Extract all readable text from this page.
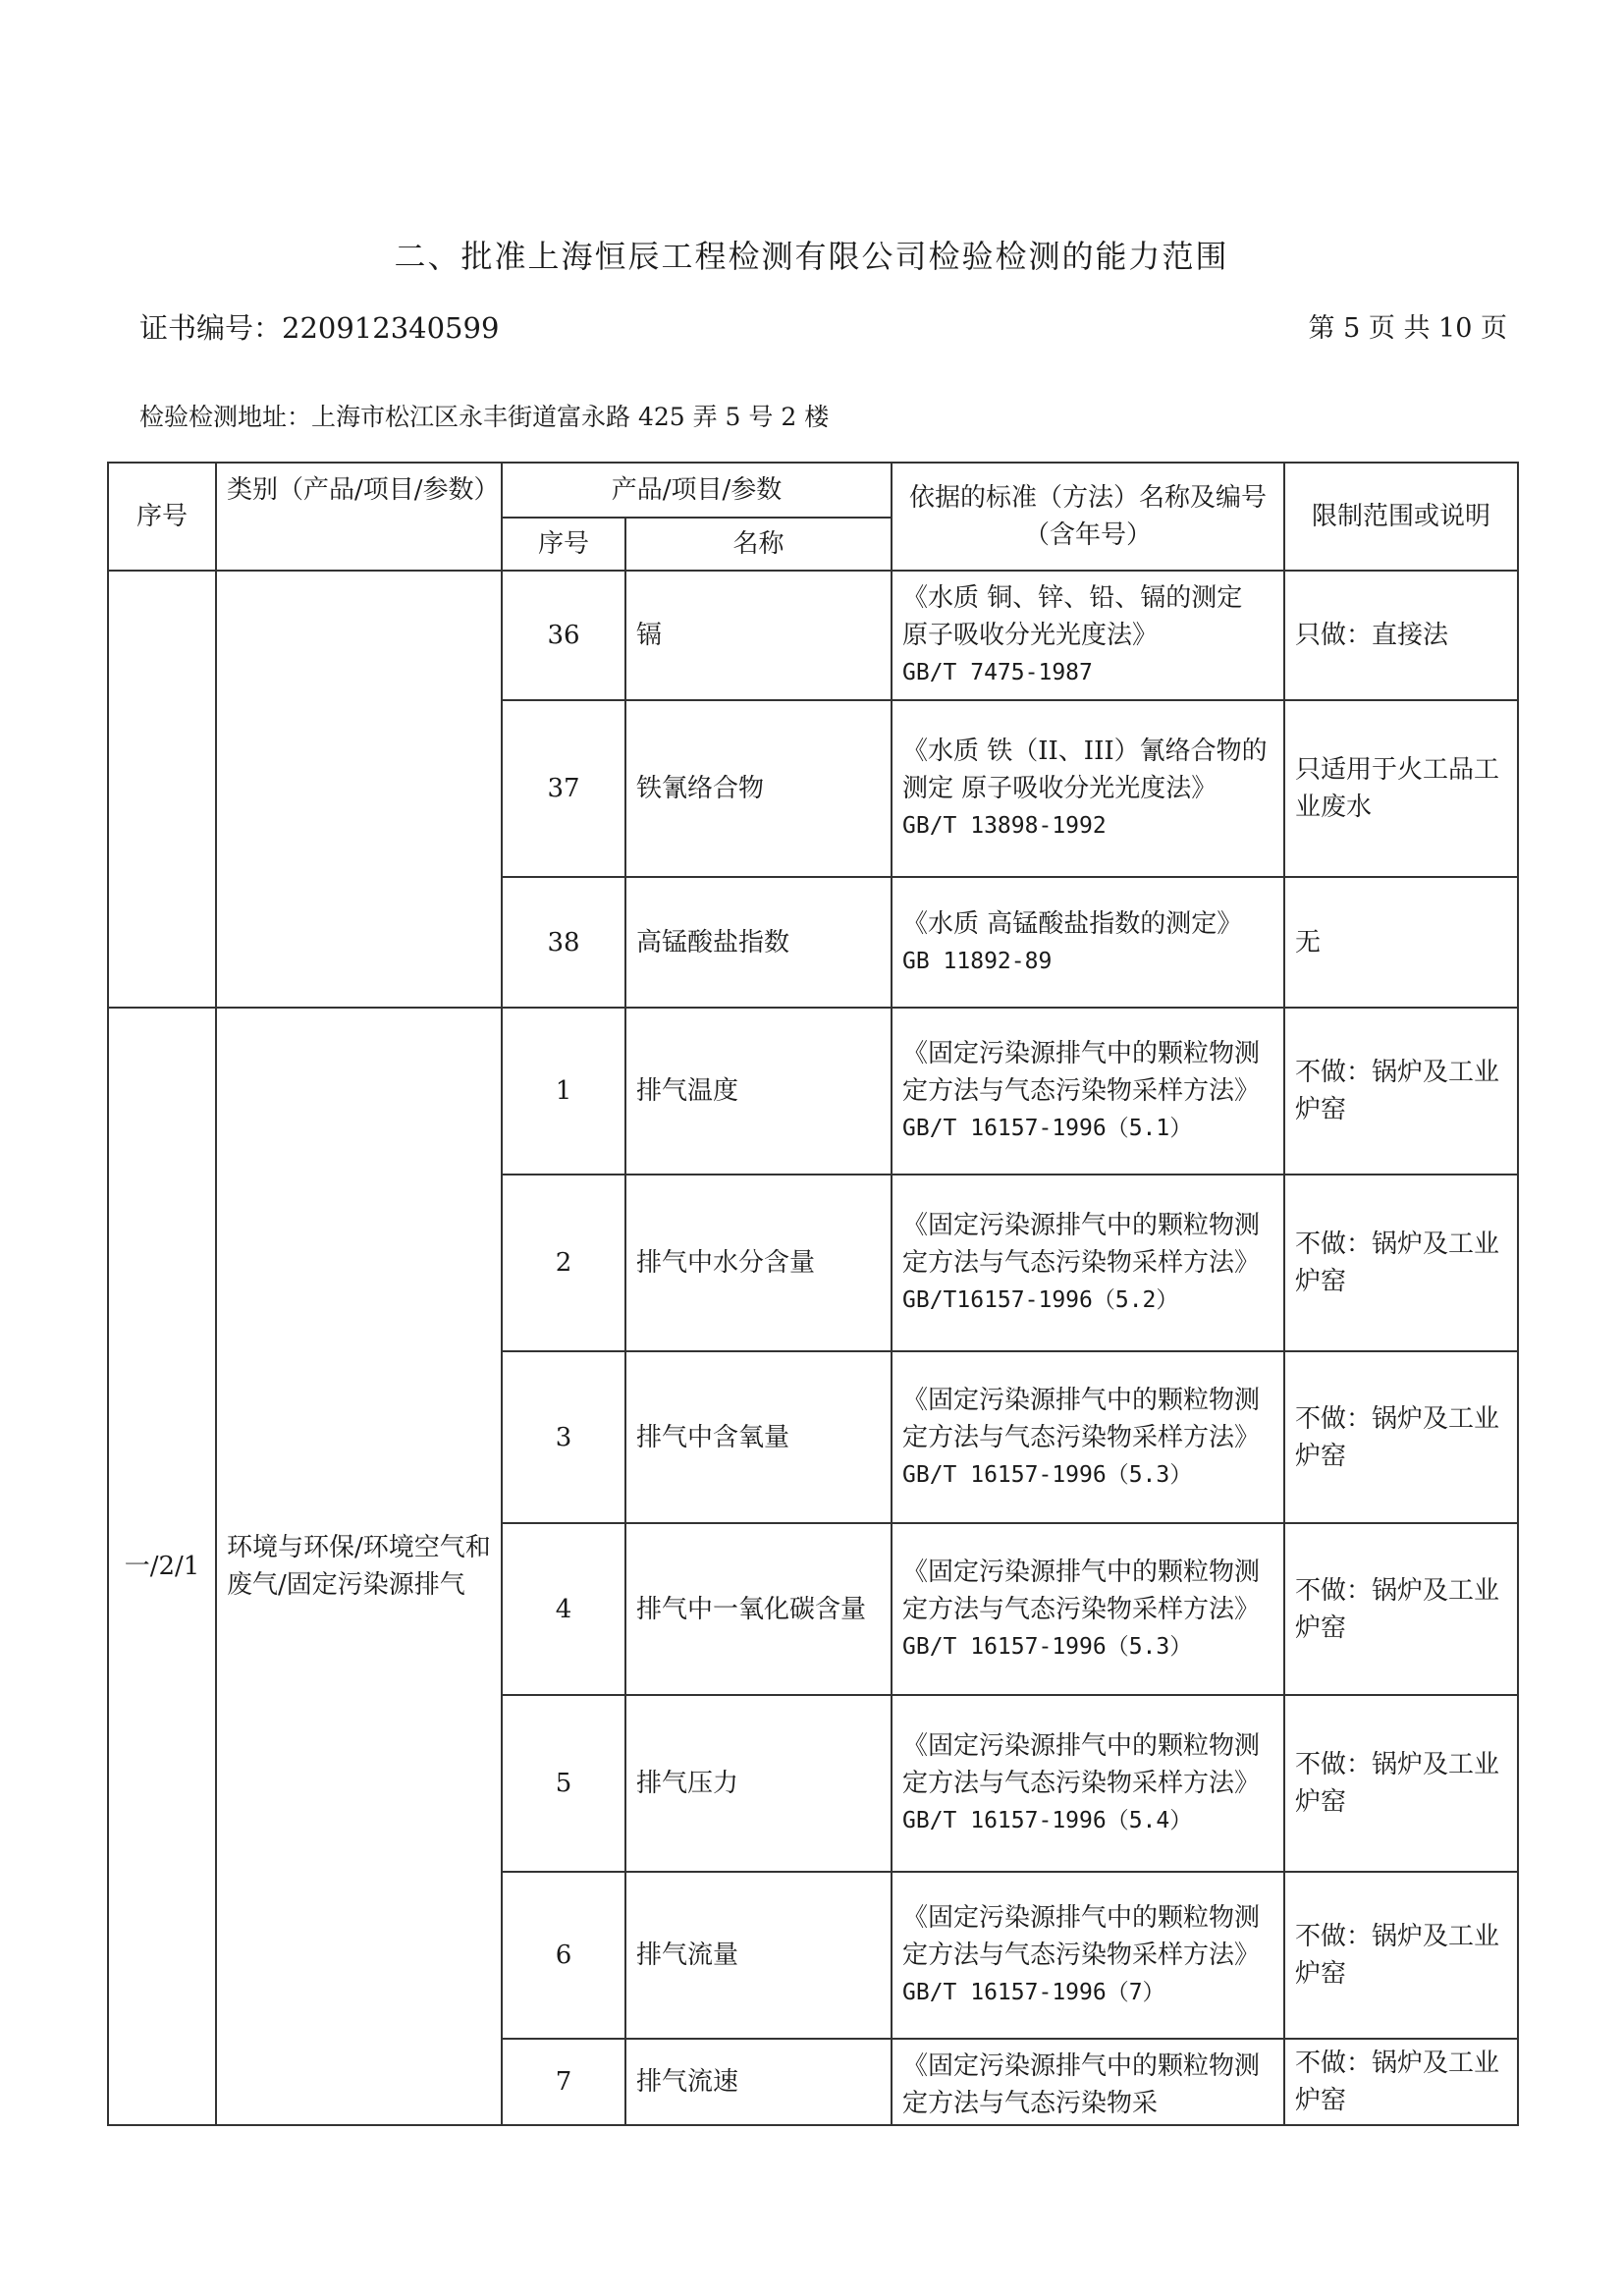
二、批准上海恒辰工程检测有限公司检验检测的能力范围
证书编号：220912340599	第 5 页 共 10 页
检验检测地址：上海市松江区永丰街道富永路 425 弄 5 号 2 楼
序号	类别（产品/项目/参数）	产品/项目/参数		依据的标准（方法）名称及编号（含年号）	限制范围或说明
		序号	名称		
		36	镉	《水质 铜、锌、铅、镉的测定 原子吸收分光光度法》
GB/T 7475-1987	只做：直接法
		37	铁氰络合物	《水质 铁（II、III）氰络合物的测定 原子吸收分光光度法》
GB/T 13898-1992	只适用于火工品工业废水
		38	高锰酸盐指数	《水质 高锰酸盐指数的测定》
GB 11892-89	无
一/2/1	环境与环保/环境空气和废气/固定污染源排气	1	排气温度	《固定污染源排气中的颗粒物测定方法与气态污染物采样方法》
GB/T 16157-1996（5.1）	不做：锅炉及工业炉窑
		2	排气中水分含量	《固定污染源排气中的颗粒物测定方法与气态污染物采样方法》
GB/T16157-1996（5.2）	不做：锅炉及工业炉窑
		3	排气中含氧量	《固定污染源排气中的颗粒物测定方法与气态污染物采样方法》
GB/T 16157-1996（5.3）	不做：锅炉及工业炉窑
		4	排气中一氧化碳含量	《固定污染源排气中的颗粒物测定方法与气态污染物采样方法》
GB/T 16157-1996（5.3）	不做：锅炉及工业炉窑
		5	排气压力	《固定污染源排气中的颗粒物测定方法与气态污染物采样方法》
GB/T 16157-1996（5.4）	不做：锅炉及工业炉窑
		6	排气流量	《固定污染源排气中的颗粒物测定方法与气态污染物采样方法》
GB/T 16157-1996（7）	不做：锅炉及工业炉窑
		7	排气流速	《固定污染源排气中的颗粒物测定方法与气态污染物采	不做：锅炉及工业炉窑
